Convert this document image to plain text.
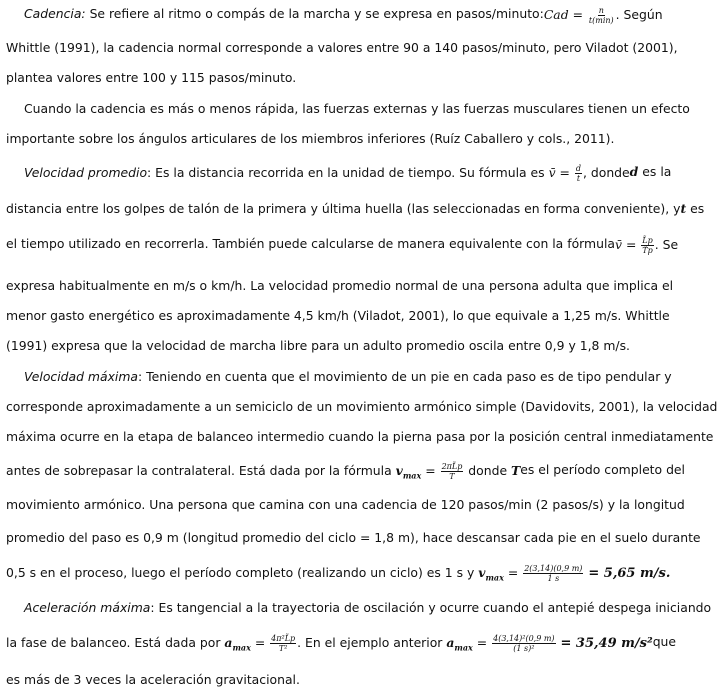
Cadencia: Se refiere al ritmo o compás de la marcha y se expresa en pasos/minuto: Cad = $\frac{n}{t(\min)}$ . Según
Whittle (1991), la cadencia normal corresponde a valores entre 90 a 140 pasos/minuto, pero Viladot (2001),
plantea valores entre 100 y 115 pasos/minuto.
Cuando la cadencia es más o menos rápida, las fuerzas externas y las fuerzas musculares tienen un efecto
importante sobre los ángulos articulares de los miembros inferiores (Ruíz Caballero y cols., 2011).
Velocidad promedio: Es la distancia recorrida en la unidad de tiempo. Su fórmula es v̄ = $\frac{d}{t}$ , donde d es la
distancia entre los golpes de talón de la primera y última huella (las seleccionadas en forma conveniente), y t es
el tiempo utilizado en recorrerla. También puede calcularse de manera equivalente con la fórmula v̄ = $\frac{L̃p}{T̃p}$ . Se
expresa habitualmente en m/s o km/h. La velocidad promedio normal de una persona adulta que implica el
menor gasto energético es aproximadamente 4,5 km/h (Viladot, 2001), lo que equivale a 1,25 m/s. Whittle
(1991) expresa que la velocidad de marcha libre para un adulto promedio oscila entre 0,9 y 1,8 m/s.
Velocidad máxima: Teniendo en cuenta que el movimiento de un pie en cada paso es de tipo pendular y
corresponde aproximadamente a un semiciclo de un movimiento armónico simple (Davidovits, 2001), la velocidad
máxima ocurre en la etapa de balanceo intermedio cuando la pierna pasa por la posición central inmediatamente
antes de sobrepasar la contralateral. Está dada por la fórmula $v_{max} = \frac{2\pi L̃p}{T}$ donde T es el período completo del
movimiento armónico. Una persona que camina con una cadencia de 120 pasos/min (2 pasos/s) y la longitud
promedio del paso es 0,9 m (longitud promedio del ciclo = 1,8 m), hace descansar cada pie en el suelo durante
0,5 s en el proceso, luego el período completo (realizando un ciclo) es 1 s y $v_{max} = \frac{2(3,14)(0,9 m)}{1 s} = 5,65$ m/s.
Aceleración máxima: Es tangencial a la trayectoria de oscilación y ocurre cuando el antepié despega iniciando
la fase de balanceo. Está dada por $a_{max} = \frac{\text{4π²L̃p}}{\text{T²}}$ . En el ejemplo anterior $a_{max} = \frac{\text{4(3,14)²(0,9 m)}}{\text{(1 s)²}} = 35,49$ m/s² que
es más de 3 veces la aceleración gravitacional.
